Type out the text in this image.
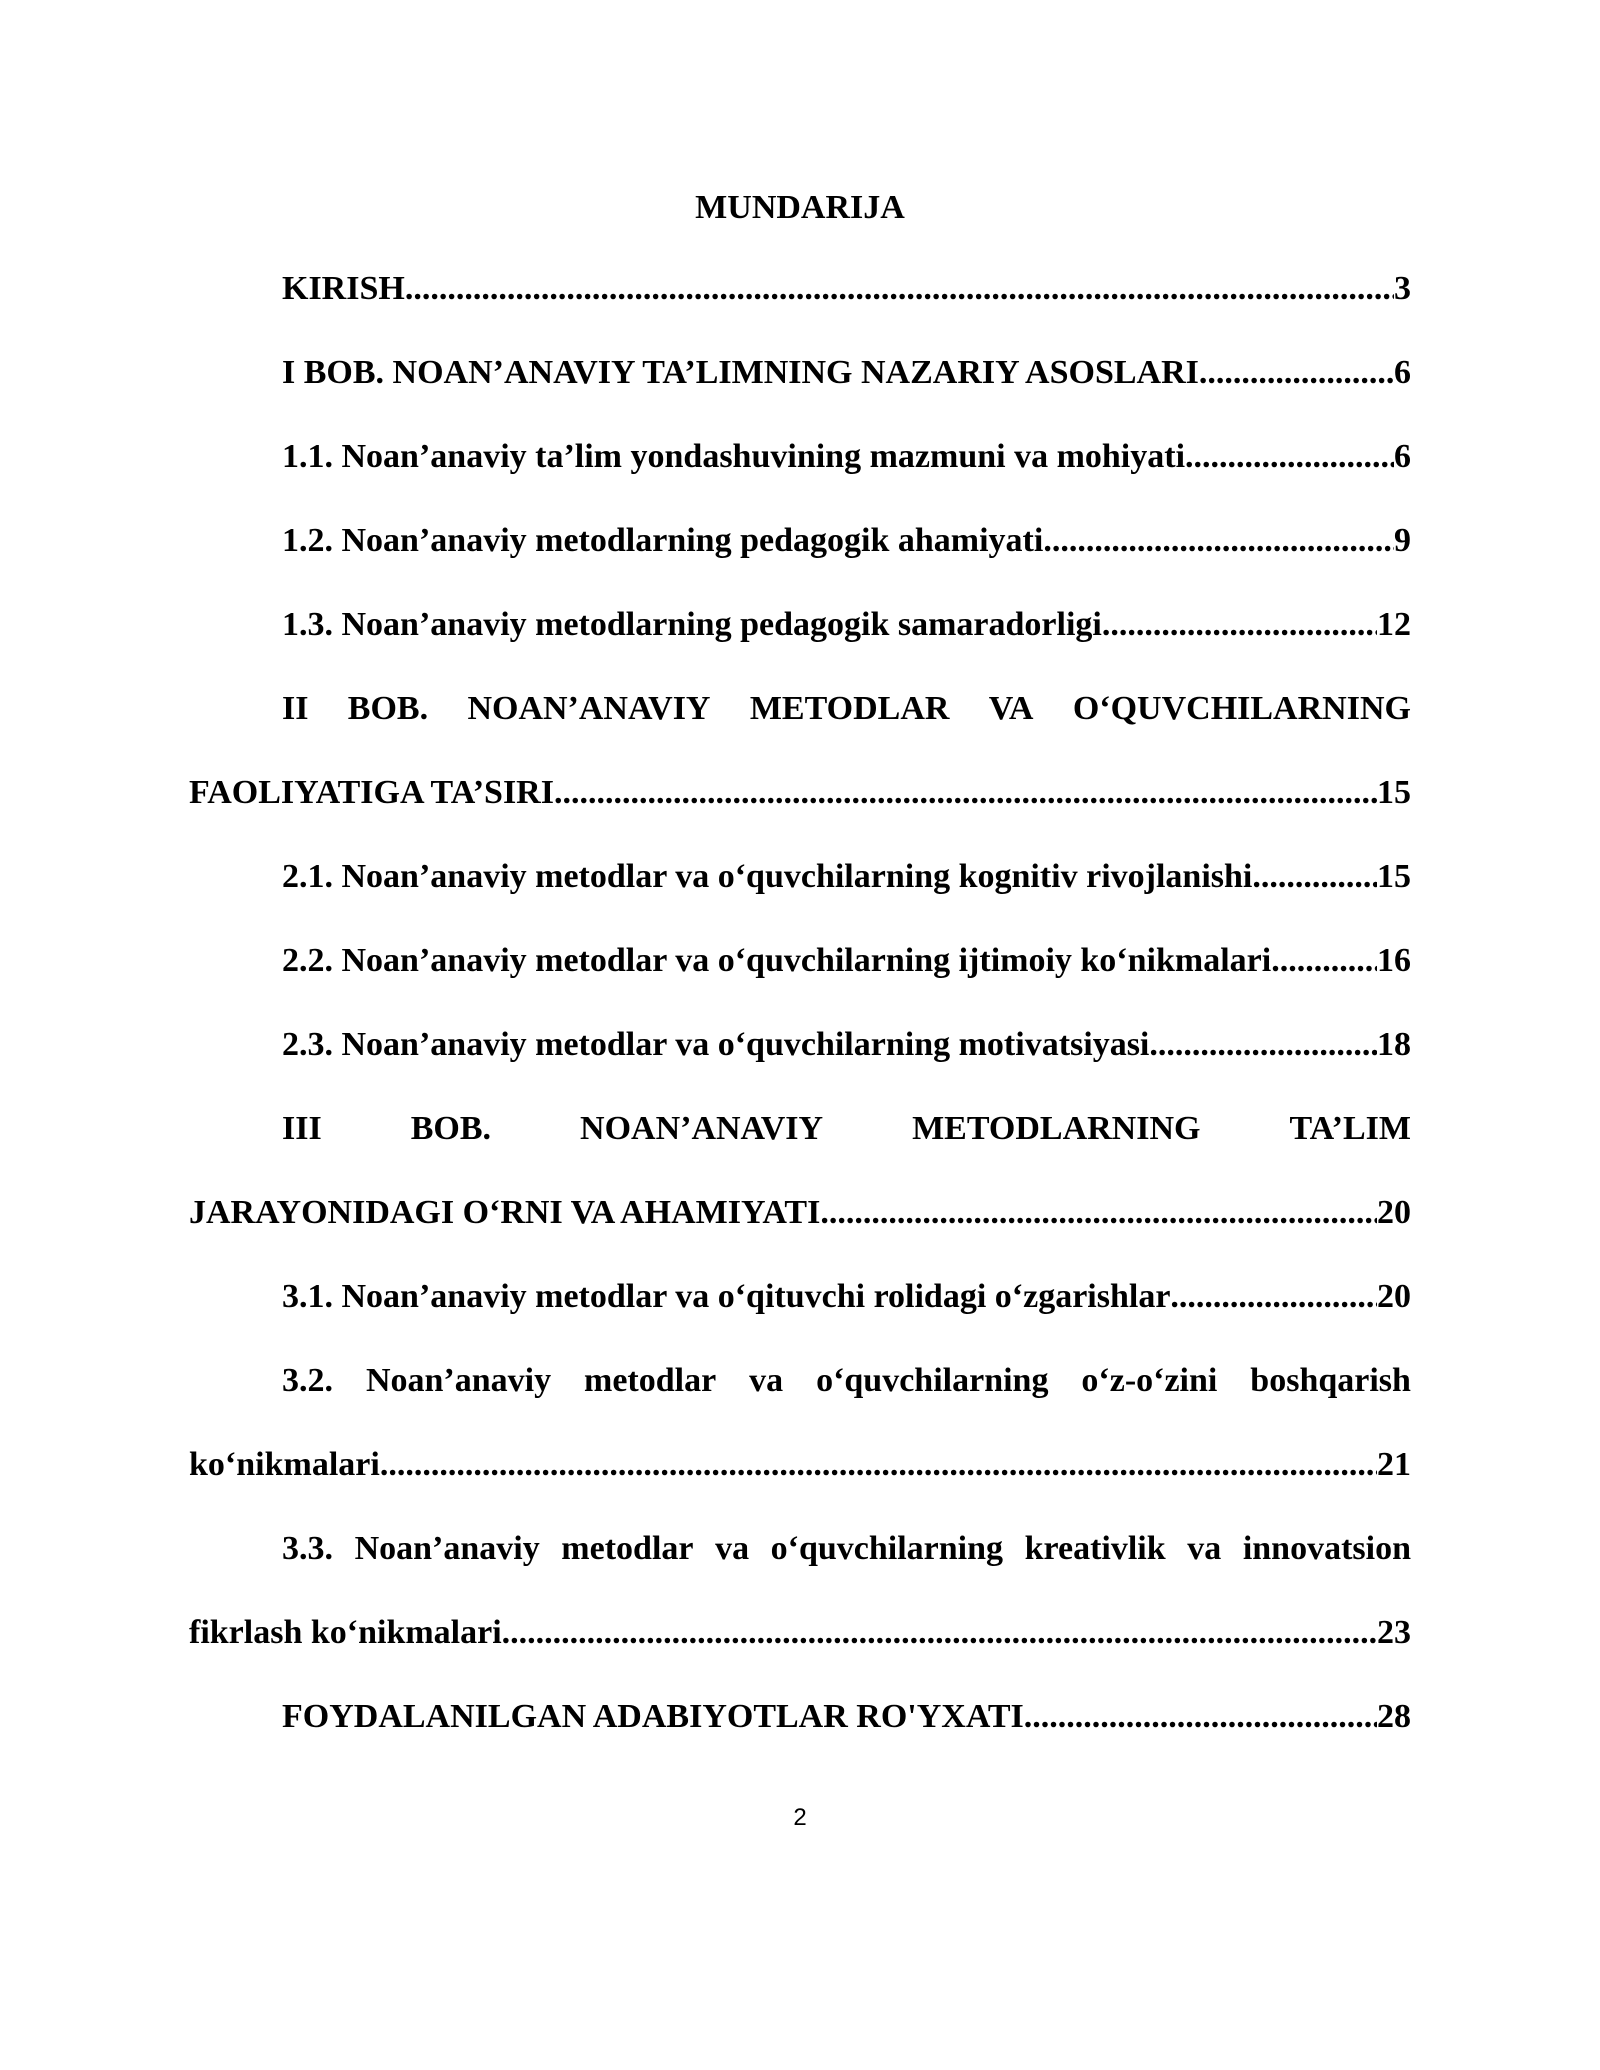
MUNDARIJA
KIRISH .....	3
I BOB. NOAN’ANAVIY TA’LIMNING NAZARIY ASOSLARI .....	6
1.1. Noan’anaviy ta’lim yondashuvining mazmuni va mohiyati .....	6
1.2. Noan’anaviy metodlarning pedagogik ahamiyati .....	9
1.3. Noan’anaviy metodlarning pedagogik samaradorligi .....	12
II BOB. NOAN’ANAVIY METODLAR VA O‘QUVCHILARNING
FAOLIYATIGA TA’SIRI .....	15
2.1. Noan’anaviy metodlar va o‘quvchilarning kognitiv rivojlanishi .....	15
2.2. Noan’anaviy metodlar va o‘quvchilarning ijtimoiy ko‘nikmalari .....	16
2.3. Noan’anaviy metodlar va o‘quvchilarning motivatsiyasi .....	18
III	BOB.	NOAN’ANAVIY	METODLARNING	TA’LIM
JARAYONIDAGI O‘RNI VA AHAMIYATI .....	20
3.1. Noan’anaviy metodlar va o‘qituvchi rolidagi o‘zgarishlar .....	20
3.2. Noan’anaviy metodlar va o‘quvchilarning o‘z-o‘zini boshqarish
ko‘nikmalari .....	21
3.3. Noan’anaviy metodlar va o‘quvchilarning kreativlik va innovatsion
fikrlash ko‘nikmalari .....	23
FOYDALANILGAN ADABIYOTLAR RO'YXATI .....	28
2
